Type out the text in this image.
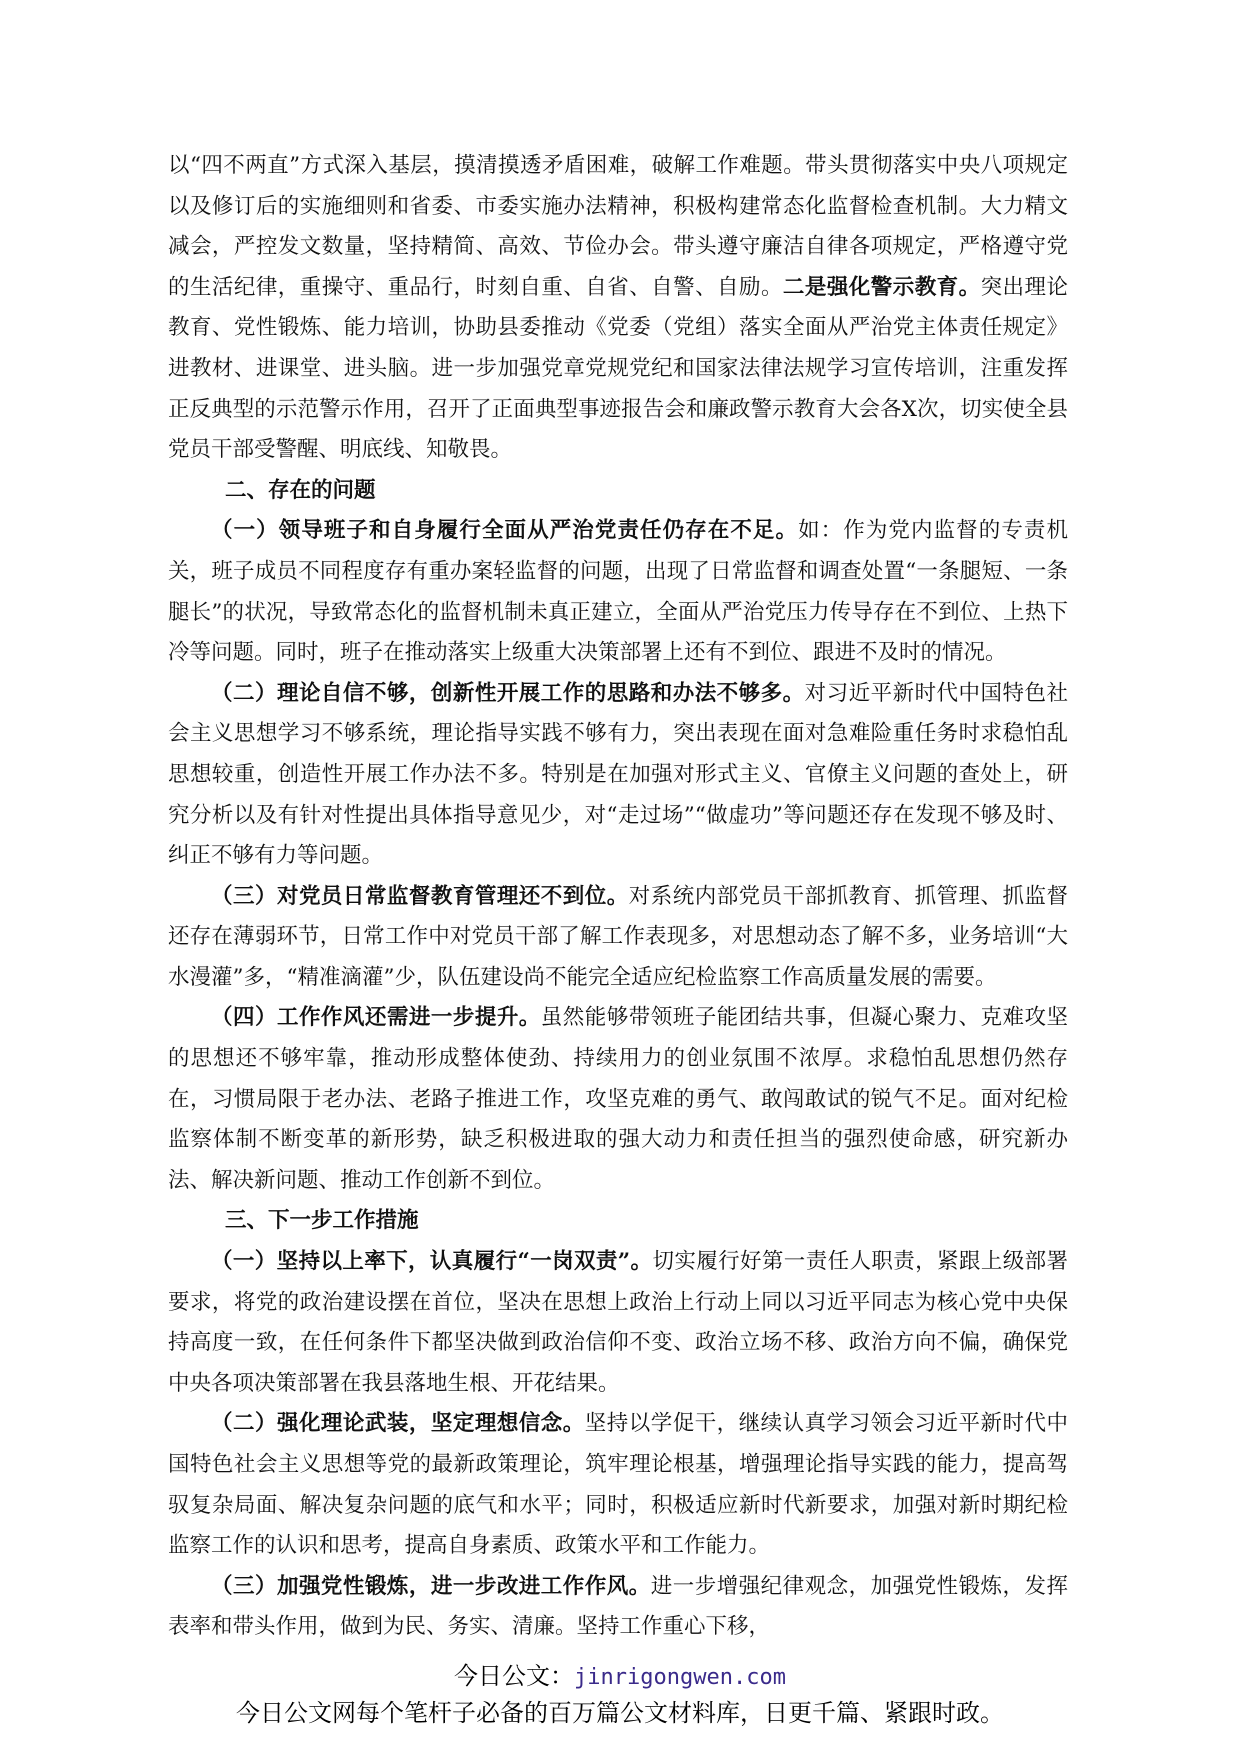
以“四不两直”方式深入基层，摸清摸透矛盾困难，破解工作难题。带头贯彻落实中央八项规定以及修订后的实施细则和省委、市委实施办法精神，积极构建常态化监督检查机制。大力精文减会，严控发文数量，坚持精简、高效、节俭办会。带头遵守廉洁自律各项规定，严格遵守党的生活纪律，重操守、重品行，时刻自重、自省、自警、自励。二是强化警示教育。突出理论教育、党性锻炼、能力培训，协助县委推动《党委（党组）落实全面从严治党主体责任规定》进教材、进课堂、进头脑。进一步加强党章党规党纪和国家法律法规学习宣传培训，注重发挥正反典型的示范警示作用，召开了正面典型事迹报告会和廉政警示教育大会各X次，切实使全县党员干部受警醒、明底线、知敬畏。

二、存在的问题

（一）领导班子和自身履行全面从严治党责任仍存在不足。如：作为党内监督的专责机关，班子成员不同程度存有重办案轻监督的问题，出现了日常监督和调查处置“一条腿短、一条腿长”的状况，导致常态化的监督机制未真正建立，全面从严治党压力传导存在不到位、上热下冷等问题。同时，班子在推动落实上级重大决策部署上还有不到位、跟进不及时的情况。

（二）理论自信不够，创新性开展工作的思路和办法不够多。对习近平新时代中国特色社会主义思想学习不够系统，理论指导实践不够有力，突出表现在面对急难险重任务时求稳怕乱思想较重，创造性开展工作办法不多。特别是在加强对形式主义、官僚主义问题的查处上，研究分析以及有针对性提出具体指导意见少，对“走过场”“做虚功”等问题还存在发现不够及时、纠正不够有力等问题。

（三）对党员日常监督教育管理还不到位。对系统内部党员干部抓教育、抓管理、抓监督还存在薄弱环节，日常工作中对党员干部了解工作表现多，对思想动态了解不多，业务培训“大水漫灌”多，“精准滴灌”少，队伍建设尚不能完全适应纪检监察工作高质量发展的需要。

（四）工作作风还需进一步提升。虽然能够带领班子能团结共事，但凝心聚力、克难攻坚的思想还不够牢靠，推动形成整体使劲、持续用力的创业氛围不浓厚。求稳怕乱思想仍然存在，习惯局限于老办法、老路子推进工作，攻坚克难的勇气、敢闯敢试的锐气不足。面对纪检监察体制不断变革的新形势，缺乏积极进取的强大动力和责任担当的强烈使命感，研究新办法、解决新问题、推动工作创新不到位。

三、下一步工作措施

（一）坚持以上率下，认真履行“一岗双责”。切实履行好第一责任人职责，紧跟上级部署要求，将党的政治建设摆在首位，坚决在思想上政治上行动上同以习近平同志为核心党中央保持高度一致，在任何条件下都坚决做到政治信仰不变、政治立场不移、政治方向不偏，确保党中央各项决策部署在我县落地生根、开花结果。

（二）强化理论武装，坚定理想信念。坚持以学促干，继续认真学习领会习近平新时代中国特色社会主义思想等党的最新政策理论，筑牢理论根基，增强理论指导实践的能力，提高驾驭复杂局面、解决复杂问题的底气和水平；同时，积极适应新时代新要求，加强对新时期纪检监察工作的认识和思考，提高自身素质、政策水平和工作能力。

（三）加强党性锻炼，进一步改进工作作风。进一步增强纪律观念，加强党性锻炼，发挥表率和带头作用，做到为民、务实、清廉。坚持工作重心下移，

今日公文：jinrigongwen.com
今日公文网每个笔杆子必备的百万篇公文材料库，日更千篇、紧跟时政。
